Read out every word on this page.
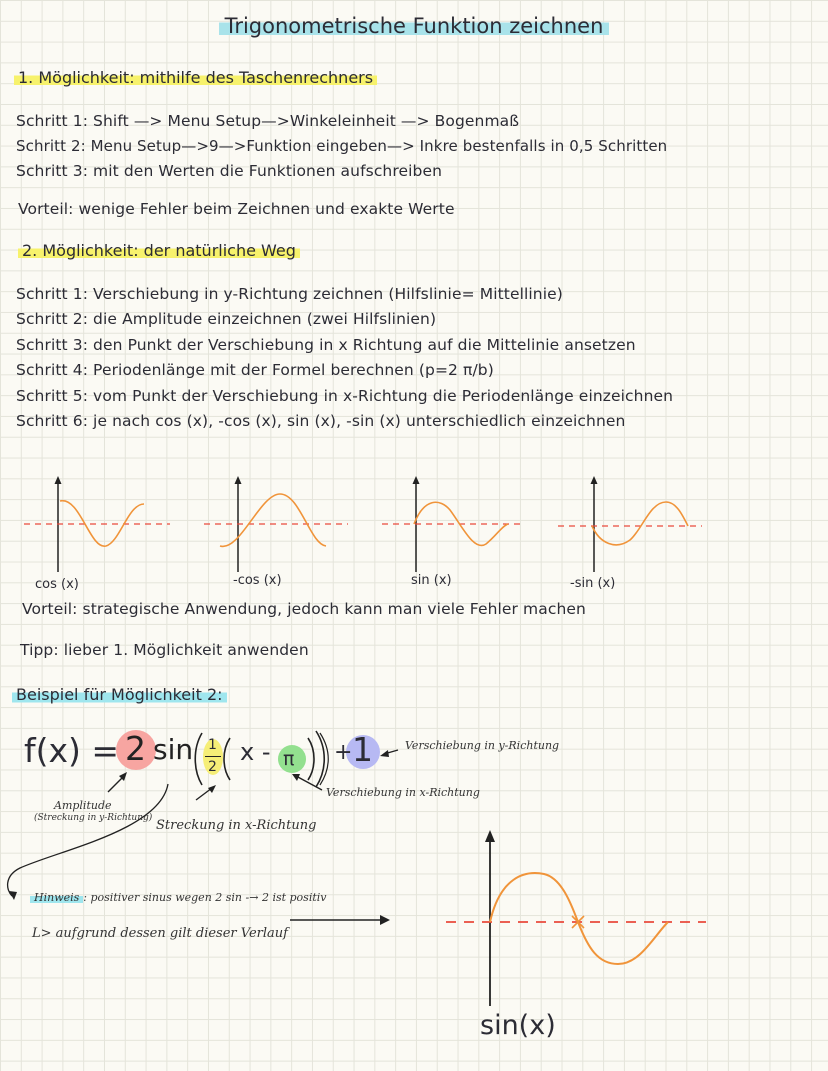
Trigonometrische Funktion zeichnen
1. Möglichkeit: mithilfe des Taschenrechners
Schritt 1: Shift —> Menu Setup—>Winkeleinheit —> Bogenmaß
Schritt 2: Menu Setup—>9—>Funktion eingeben—> Inkre bestenfalls in 0,5 Schritten
Schritt 3: mit den Werten die Funktionen aufschreiben
Vorteil: wenige Fehler beim Zeichnen und exakte Werte
2. Möglichkeit: der natürliche Weg
Schritt 1: Verschiebung in y-Richtung zeichnen (Hilfslinie= Mittellinie)
Schritt 2: die Amplitude einzeichnen (zwei Hilfslinien)
Schritt 3: den Punkt der Verschiebung in x Richtung auf die Mittelinie ansetzen
Schritt 4: Periodenlänge mit der Formel berechnen (p=2 π/b)
Schritt 5: vom Punkt der Verschiebung in x-Richtung die Periodenlänge einzeichnen
Schritt 6: je nach cos (x), -cos (x), sin (x), -sin (x) unterschiedlich einzeichnen
cos (x)	-cos (x)	sin (x)	-sin (x)
Vorteil: strategische Anwendung, jedoch kann man viele Fehler machen
Tipp: lieber 1. Möglichkeit anwenden
Beispiel für Möglichkeit 2:
f(x) = 2 sin 1
2
x - π + 1	Verschiebung in y-Richtung
Verschiebung in x-Richtung
Amplitude
(Streckung in y-Richtung) Streckung in x-Richtung
Hinweis : positiver sinus wegen 2 sin -→ 2 ist positiv
L> aufgrund dessen gilt dieser Verlauf
sin(x)
